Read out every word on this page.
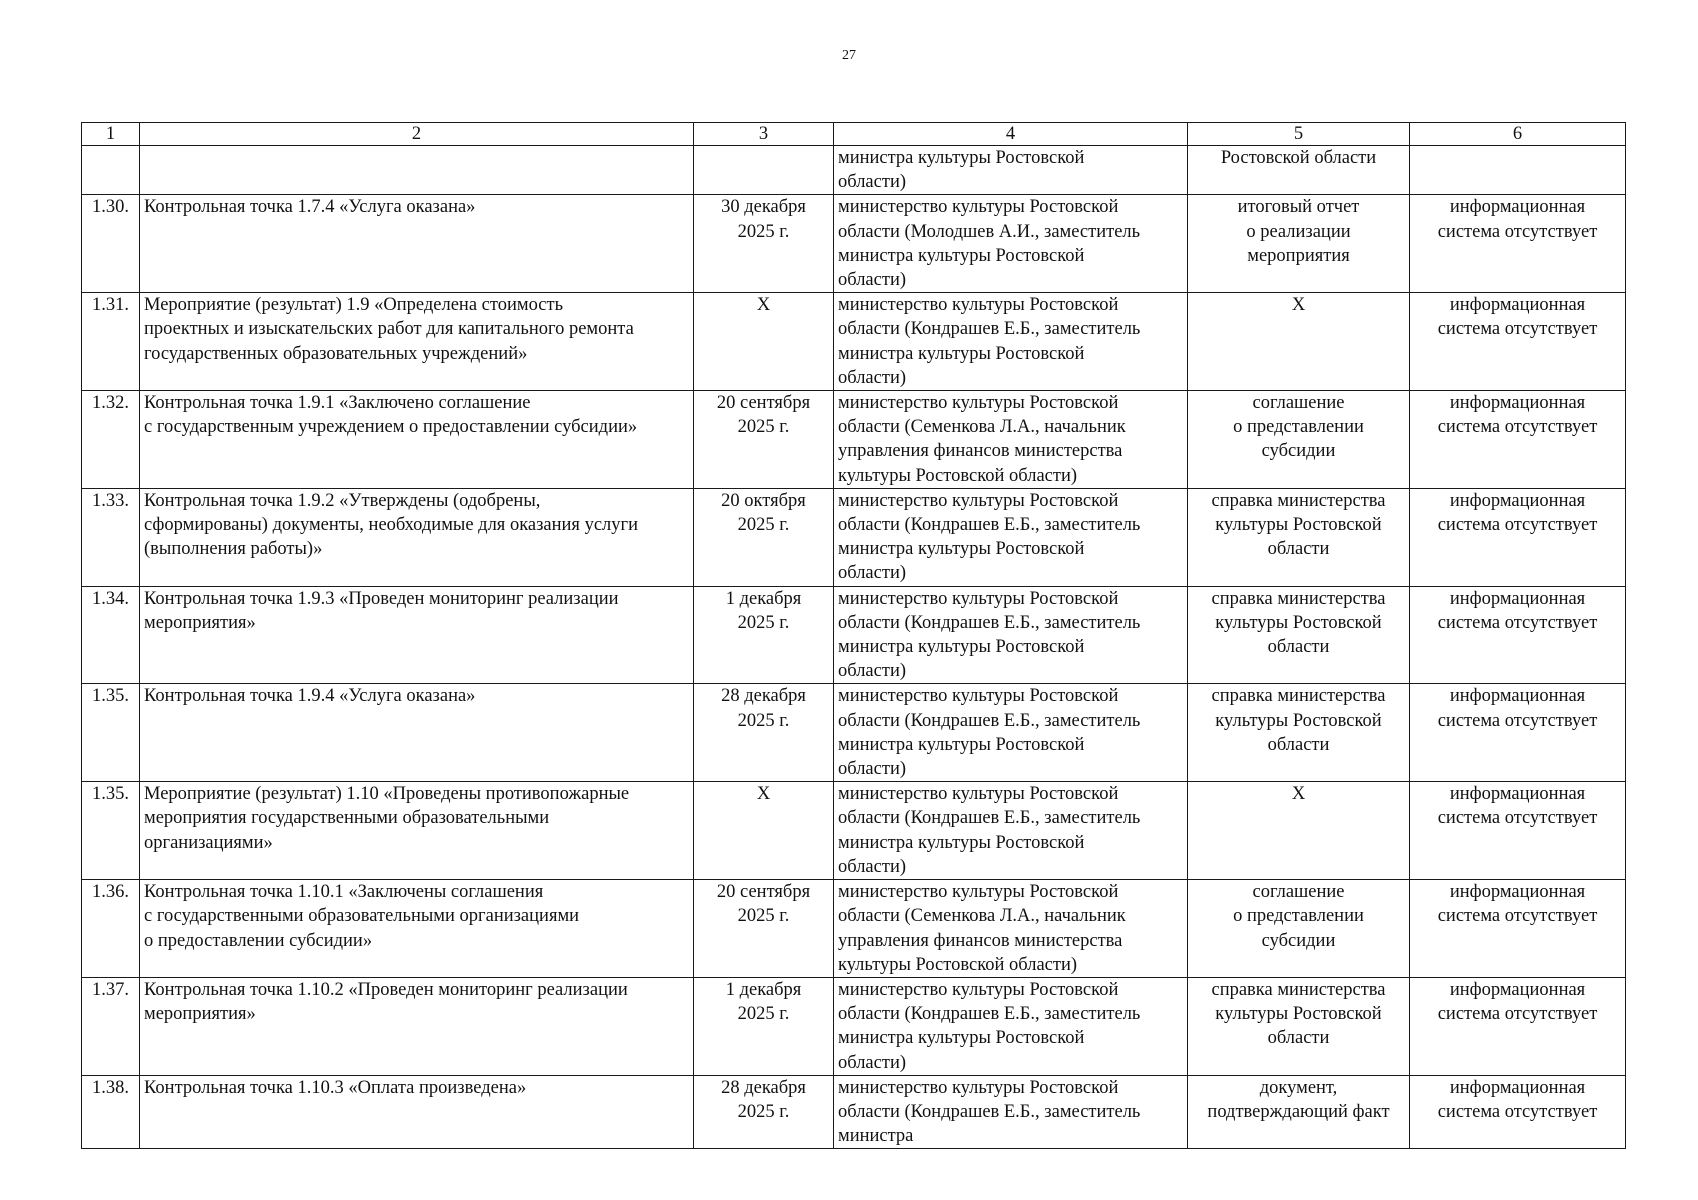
27
1	2	3	4	5	6
			министра культуры Ростовской
области)	Ростовской области	
1.30.	Контрольная точка 1.7.4 «Услуга оказана»	30 декабря
2025 г.	министерство культуры Ростовской
области (Молодшев А.И., заместитель
министра культуры Ростовской
области)	итоговый отчет
о реализации
мероприятия	информационная
система отсутствует
1.31.	Мероприятие (результат) 1.9 «Определена стоимость
проектных и изыскательских работ для капитального ремонта
государственных образовательных учреждений»	Х	министерство культуры Ростовской
области (Кондрашев Е.Б., заместитель
министра культуры Ростовской
области)	Х	информационная
система отсутствует
1.32.	Контрольная точка 1.9.1 «Заключено соглашение
с государственным учреждением о предоставлении субсидии»	20 сентября
2025 г.	министерство культуры Ростовской
области (Семенкова Л.А., начальник
управления финансов министерства
культуры Ростовской области)	соглашение
о представлении
субсидии	информационная
система отсутствует
1.33.	Контрольная точка 1.9.2 «Утверждены (одобрены,
сформированы) документы, необходимые для оказания услуги
(выполнения работы)»	20 октября
2025 г.	министерство культуры Ростовской
области (Кондрашев Е.Б., заместитель
министра культуры Ростовской
области)	справка министерства
культуры Ростовской
области	информационная
система отсутствует
1.34.	Контрольная точка 1.9.3 «Проведен мониторинг реализации
мероприятия»	1 декабря
2025 г.	министерство культуры Ростовской
области (Кондрашев Е.Б., заместитель
министра культуры Ростовской
области)	справка министерства
культуры Ростовской
области	информационная
система отсутствует
1.35.	Контрольная точка 1.9.4 «Услуга оказана»	28 декабря
2025 г.	министерство культуры Ростовской
области (Кондрашев Е.Б., заместитель
министра культуры Ростовской
области)	справка министерства
культуры Ростовской
области	информационная
система отсутствует
1.35.	Мероприятие (результат) 1.10 «Проведены противопожарные
мероприятия государственными образовательными
организациями»	Х	министерство культуры Ростовской
области (Кондрашев Е.Б., заместитель
министра культуры Ростовской
области)	Х	информационная
система отсутствует
1.36.	Контрольная точка 1.10.1 «Заключены соглашения
с государственными образовательными организациями
о предоставлении субсидии»	20 сентября
2025 г.	министерство культуры Ростовской
области (Семенкова Л.А., начальник
управления финансов министерства
культуры Ростовской области)	соглашение
о представлении
субсидии	информационная
система отсутствует
1.37.	Контрольная точка 1.10.2 «Проведен мониторинг реализации
мероприятия»	1 декабря
2025 г.	министерство культуры Ростовской
области (Кондрашев Е.Б., заместитель
министра культуры Ростовской
области)	справка министерства
культуры Ростовской
области	информационная
система отсутствует
1.38.	Контрольная точка 1.10.3 «Оплата произведена»	28 декабря
2025 г.	министерство культуры Ростовской
области (Кондрашев Е.Б., заместитель
министра	документ,
подтверждающий факт	информационная
система отсутствует
